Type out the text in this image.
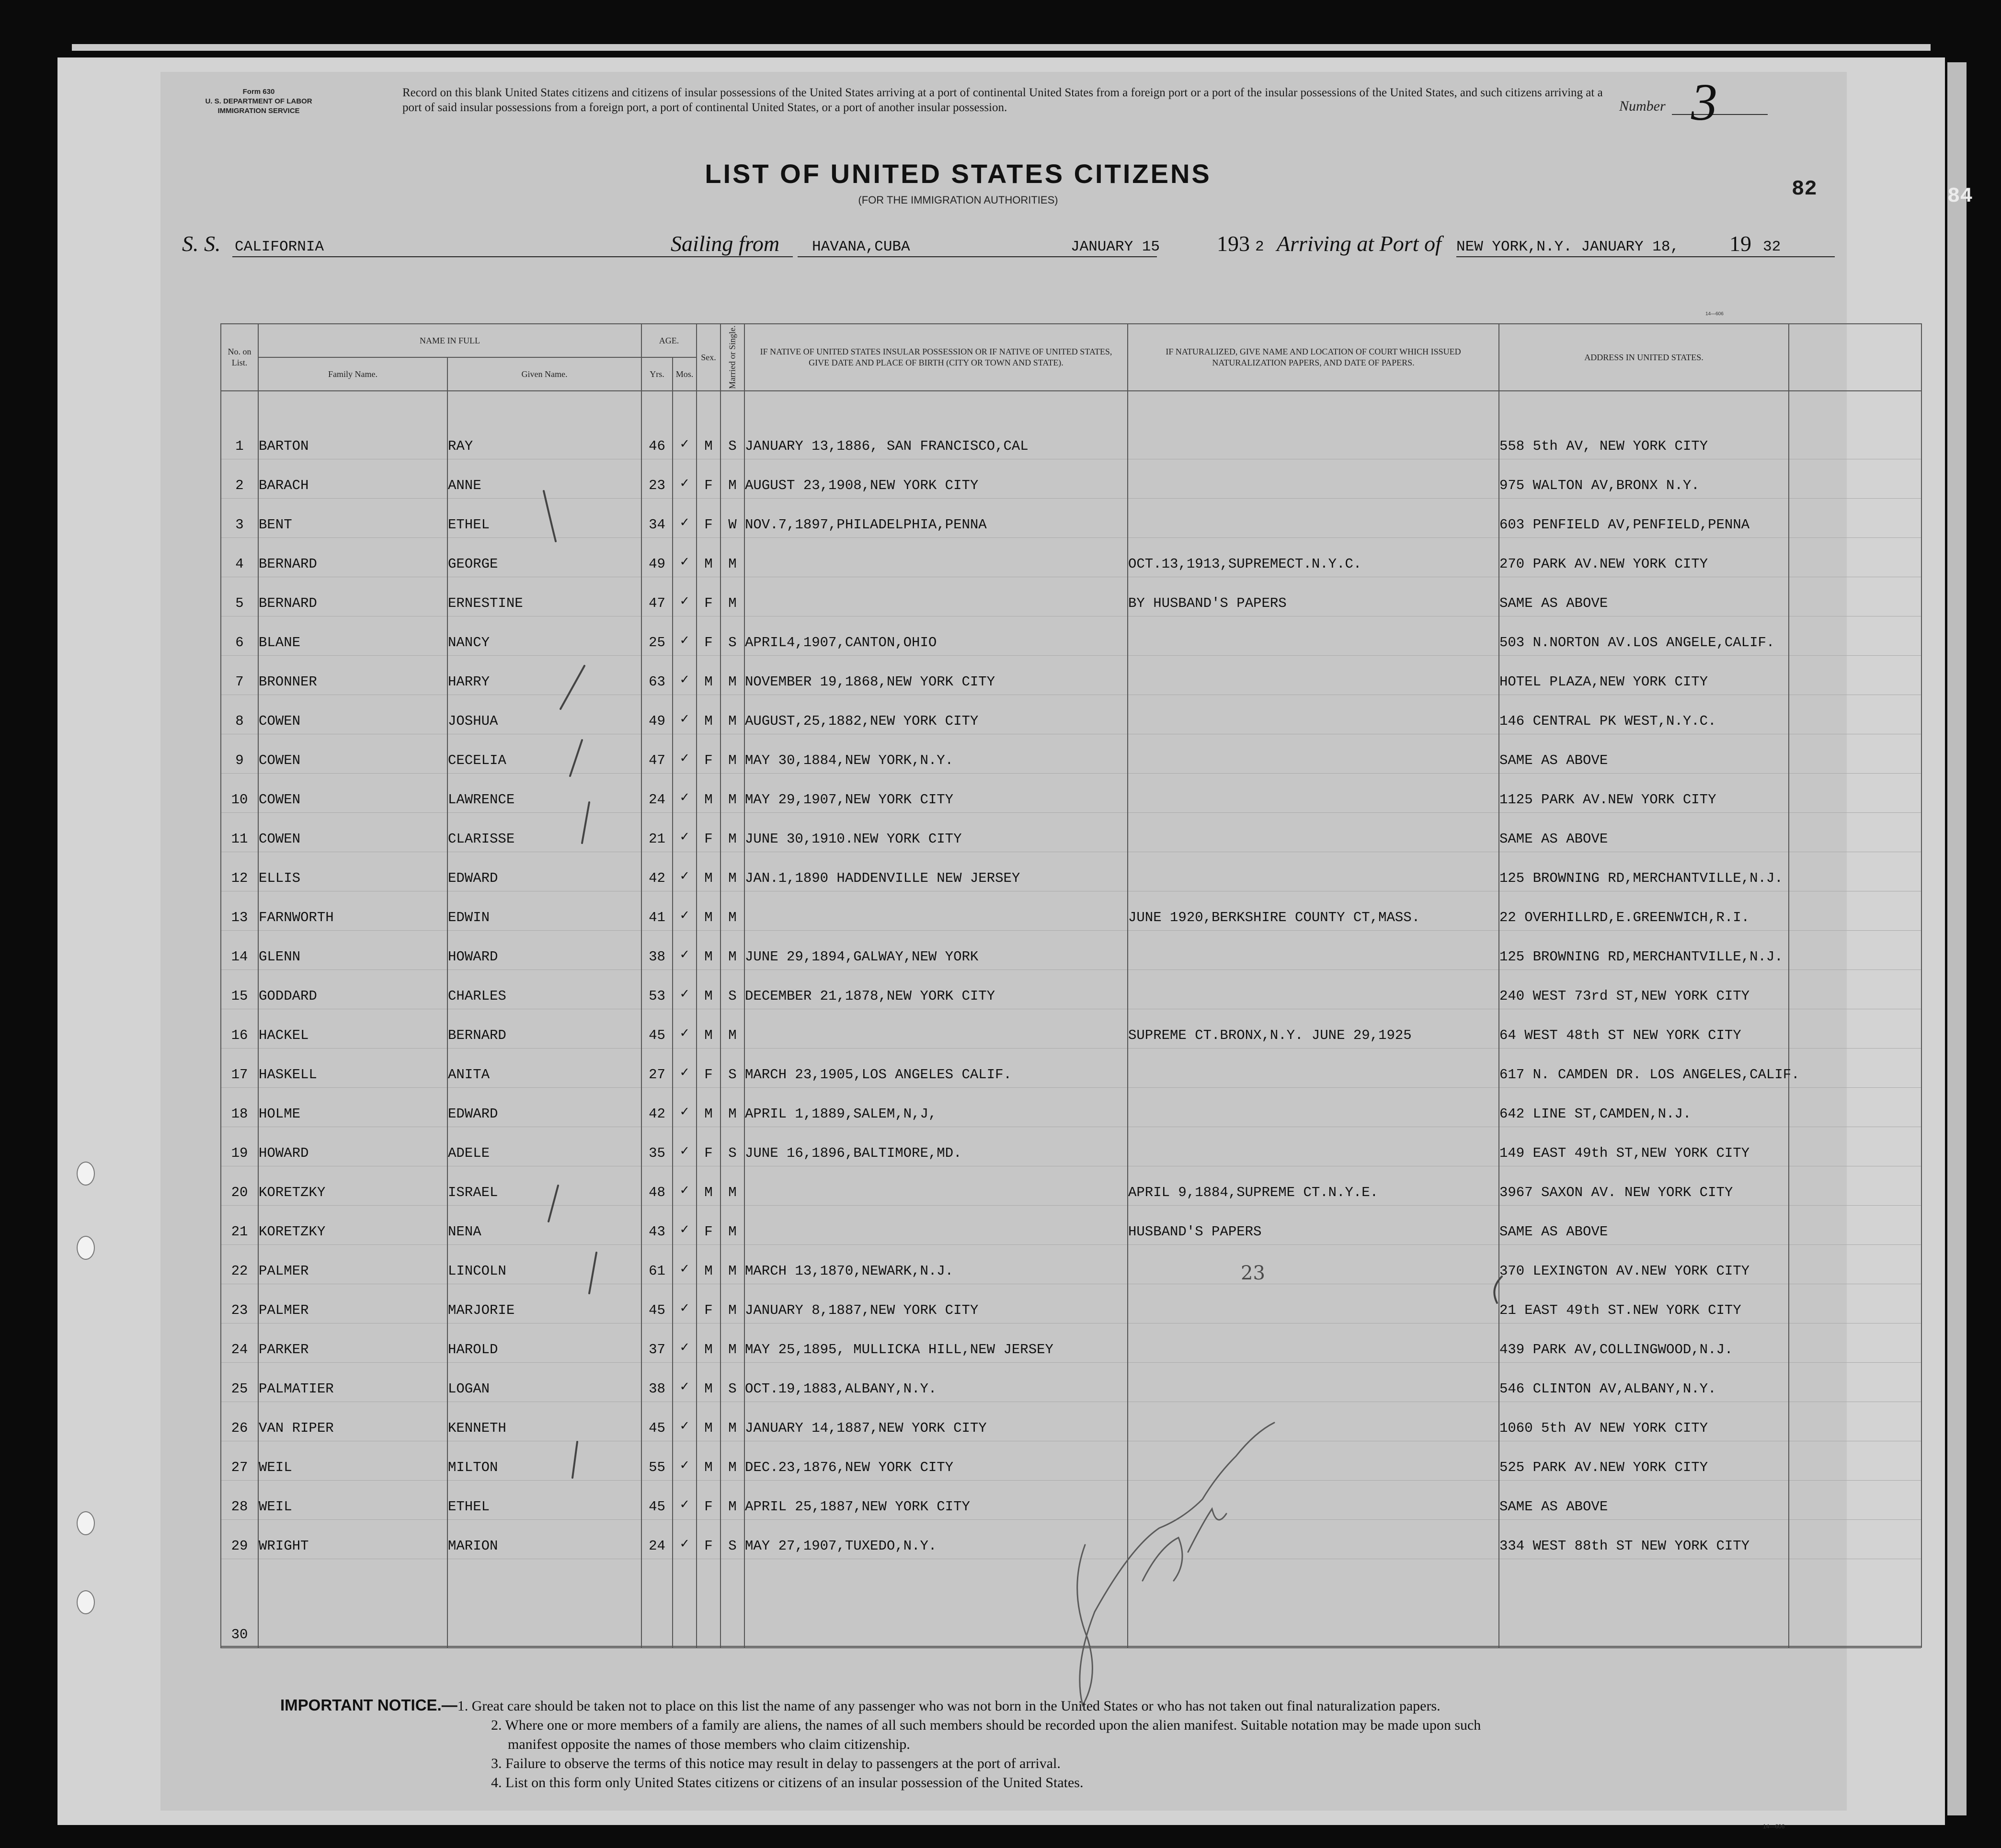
Form 630
U. S. DEPARTMENT OF LABOR
IMMIGRATION SERVICE
Record on this blank United States citizens and citizens of insular possessions of the United States arriving at a port of continental United States from a foreign port or a port of the insular possessions of the United States, and such citizens arriving at a port of said insular possessions from a foreign port, a port of continental United States, or a port of another insular possession.	Number 3
LIST OF UNITED STATES CITIZENS
(FOR THE IMMIGRATION AUTHORITIES)	82	84
S. S. CALIFORNIA	Sailing from HAVANA,CUBA	JANUARY 15	193 2 Arriving at Port of NEW YORK,N.Y. JANUARY 18, 19 32
14—606
No. on List.	NAME IN FULL		AGE.		Sex.	Married or Single.	IF NATIVE OF UNITED STATES INSULAR POSSESSION OR IF NATIVE OF UNITED STATES, GIVE DATE AND PLACE OF BIRTH (CITY OR TOWN AND STATE).	IF NATURALIZED, GIVE NAME AND LOCATION OF COURT WHICH ISSUED NATURALIZATION PAPERS, AND DATE OF PAPERS.	ADDRESS IN UNITED STATES.	
	Family Name.	Given Name.	Yrs.	Mos.						

1	BARTON	RAY	46	✓	M	S	JANUARY 13,1886, SAN FRANCISCO,CAL		558 5th AV, NEW YORK CITY	
2	BARACH	ANNE	23	✓	F	M	AUGUST 23,1908,NEW YORK CITY		975 WALTON AV,BRONX N.Y.	
3	BENT	ETHEL	34	✓	F	W	NOV.7,1897,PHILADELPHIA,PENNA		603 PENFIELD AV,PENFIELD,PENNA	
4	BERNARD	GEORGE	49	✓	M	M		OCT.13,1913,SUPREMECT.N.Y.C.	270 PARK AV.NEW YORK CITY	
5	BERNARD	ERNESTINE	47	✓	F	M		BY HUSBAND'S PAPERS	SAME AS ABOVE	
6	BLANE	NANCY	25	✓	F	S	APRIL4,1907,CANTON,OHIO		503 N.NORTON AV.LOS ANGELE,CALIF.	
7	BRONNER	HARRY	63	✓	M	M	NOVEMBER 19,1868,NEW YORK CITY		HOTEL PLAZA,NEW YORK CITY	
8	COWEN	JOSHUA	49	✓	M	M	AUGUST,25,1882,NEW YORK CITY		146 CENTRAL PK WEST,N.Y.C.	
9	COWEN	CECELIA	47	✓	F	M	MAY 30,1884,NEW YORK,N.Y.		SAME AS ABOVE	
10	COWEN	LAWRENCE	24	✓	M	M	MAY 29,1907,NEW YORK CITY		1125 PARK AV.NEW YORK CITY	
11	COWEN	CLARISSE	21	✓	F	M	JUNE 30,1910.NEW YORK CITY		SAME AS ABOVE	
12	ELLIS	EDWARD	42	✓	M	M	JAN.1,1890 HADDENVILLE NEW JERSEY		125 BROWNING RD,MERCHANTVILLE,N.J.	
13	FARNWORTH	EDWIN	41	✓	M	M		JUNE 1920,BERKSHIRE COUNTY CT,MASS.	22 OVERHILLRD,E.GREENWICH,R.I.	
14	GLENN	HOWARD	38	✓	M	M	JUNE 29,1894,GALWAY,NEW YORK		125 BROWNING RD,MERCHANTVILLE,N.J.	
15	GODDARD	CHARLES	53	✓	M	S	DECEMBER 21,1878,NEW YORK CITY		240 WEST 73rd ST,NEW YORK CITY	
16	HACKEL	BERNARD	45	✓	M	M		SUPREME CT.BRONX,N.Y. JUNE 29,1925	64 WEST 48th ST NEW YORK CITY	
17	HASKELL	ANITA	27	✓	F	S	MARCH 23,1905,LOS ANGELES CALIF.		617 N. CAMDEN DR. LOS ANGELES,CALIF.	
18	HOLME	EDWARD	42	✓	M	M	APRIL 1,1889,SALEM,N,J,		642 LINE ST,CAMDEN,N.J.	
19	HOWARD	ADELE	35	✓	F	S	JUNE 16,1896,BALTIMORE,MD.		149 EAST 49th ST,NEW YORK CITY	
20	KORETZKY	ISRAEL	48	✓	M	M		APRIL 9,1884,SUPREME CT.N.Y.E.	3967 SAXON AV. NEW YORK CITY	
21	KORETZKY	NENA	43	✓	F	M		HUSBAND'S PAPERS	SAME AS ABOVE	
22	PALMER	LINCOLN	61	✓	M	M	MARCH 13,1870,NEWARK,N.J.		370 LEXINGTON AV.NEW YORK CITY	
23	PALMER	MARJORIE	45	✓	F	M	JANUARY 8,1887,NEW YORK CITY		21 EAST 49th ST.NEW YORK CITY	
24	PARKER	HAROLD	37	✓	M	M	MAY 25,1895, MULLICKA HILL,NEW JERSEY		439 PARK AV,COLLINGWOOD,N.J.	
25	PALMATIER	LOGAN	38	✓	M	S	OCT.19,1883,ALBANY,N.Y.		546 CLINTON AV,ALBANY,N.Y.	
26	VAN RIPER	KENNETH	45	✓	M	M	JANUARY 14,1887,NEW YORK CITY		1060 5th AV NEW YORK CITY	
27	WEIL	MILTON	55	✓	M	M	DEC.23,1876,NEW YORK CITY		525 PARK AV.NEW YORK CITY	
28	WEIL	ETHEL	45	✓	F	M	APRIL 25,1887,NEW YORK CITY		SAME AS ABOVE	
29	WRIGHT	MARION	24	✓	F	S	MAY 27,1907,TUXEDO,N.Y.		334 WEST 88th ST NEW YORK CITY	
30										
23
IMPORTANT NOTICE.—1. Great care should be taken not to place on this list the name of any passenger who was not born in the United States or who has not taken out final naturalization papers.
2. Where one or more members of a family are aliens, the names of all such members should be recorded upon the alien manifest. Suitable notation may be made upon such
manifest opposite the names of those members who claim citizenship.
3. Failure to observe the terms of this notice may result in delay to passengers at the port of arrival.
4. List on this form only United States citizens or citizens of an insular possession of the United States.
14—606
